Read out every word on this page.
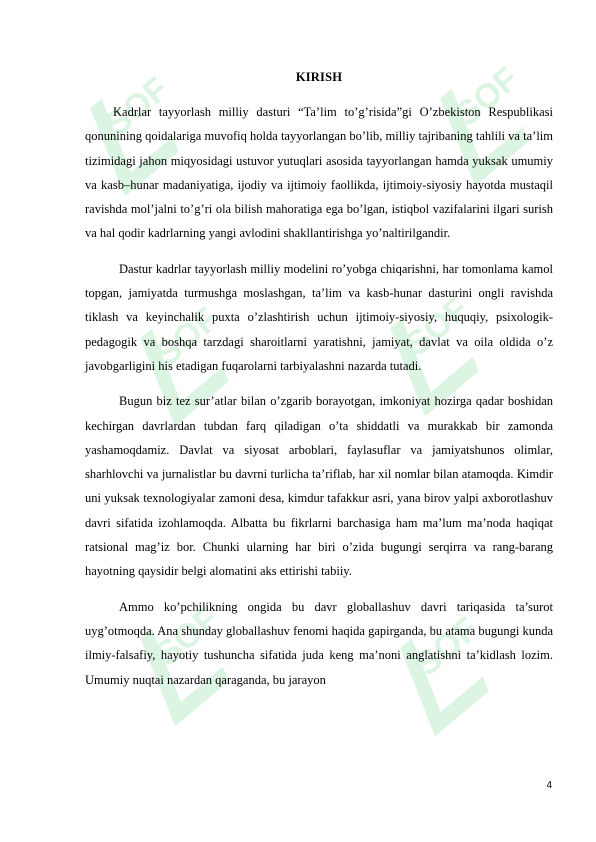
SOFF	SOFF
SOFF	SOFF
SOFF	SOFF
KIRISH

Kadrlar tayyorlash milliy dasturi “Ta’lim to’g’risida”gi O’zbekiston Respublikasi qonunining qoidalariga muvofiq holda tayyorlangan bo’lib, milliy tajribaning tahlili va ta’lim tizimidagi jahon miqyosidagi ustuvor yutuqlari asosida tayyorlangan hamda yuksak umumiy va kasb–hunar madaniyatiga, ijodiy va ijtimoiy faollikda, ijtimoiy-siyosiy hayotda mustaqil ravishda mol’jalni to’g’ri ola bilish mahoratiga ega bo’lgan, istiqbol vazifalarini ilgari surish va hal qodir kadrlarning yangi avlodini shakllantirishga yo’naltirilgandir.

Dastur kadrlar tayyorlash milliy modelini ro’yobga chiqarishni, har tomonlama kamol topgan, jamiyatda turmushga moslashgan, ta’lim va kasb-hunar dasturini ongli ravishda tiklash va keyinchalik puxta o’zlashtirish uchun ijtimoiy-siyosiy, huquqiy, psixologik-pedagogik va boshqa tarzdagi sharoitlarni yaratishni, jamiyat, davlat va oila oldida o’z javobgarligini his etadigan fuqarolarni tarbiyalashni nazarda tutadi.

Bugun biz tez sur’atlar bilan o’zgarib borayotgan, imkoniyat hozirga qadar boshidan kechirgan davrlardan tubdan farq qiladigan o’ta shiddatli va murakkab bir zamonda yashamoqdamiz. Davlat va siyosat arboblari, faylasuflar va jamiyatshunos olimlar, sharhlovchi va jurnalistlar bu davrni turlicha ta’riflab, har xil nomlar bilan atamoqda. Kimdir uni yuksak texnologiyalar zamoni desa, kimdur tafakkur asri, yana birov yalpi axborotlashuv davri sifatida izohlamoqda. Albatta bu fikrlarni barchasiga ham ma’lum ma’noda haqiqat ratsional mag’iz bor. Chunki ularning har biri o’zida bugungi serqirra va rang-barang hayotning qaysidir belgi alomatini aks ettirishi tabiiy.

Ammo ko’pchilikning ongida bu davr globallashuv davri tariqasida ta’surot uyg’otmoqda. Ana shunday globallashuv fenomi haqida gapirganda, bu atama bugungi kunda ilmiy-falsafiy, hayotiy tushuncha sifatida juda keng ma’noni anglatishni ta’kidlash lozim. Umumiy nuqtai nazardan qaraganda, bu jarayon

4
